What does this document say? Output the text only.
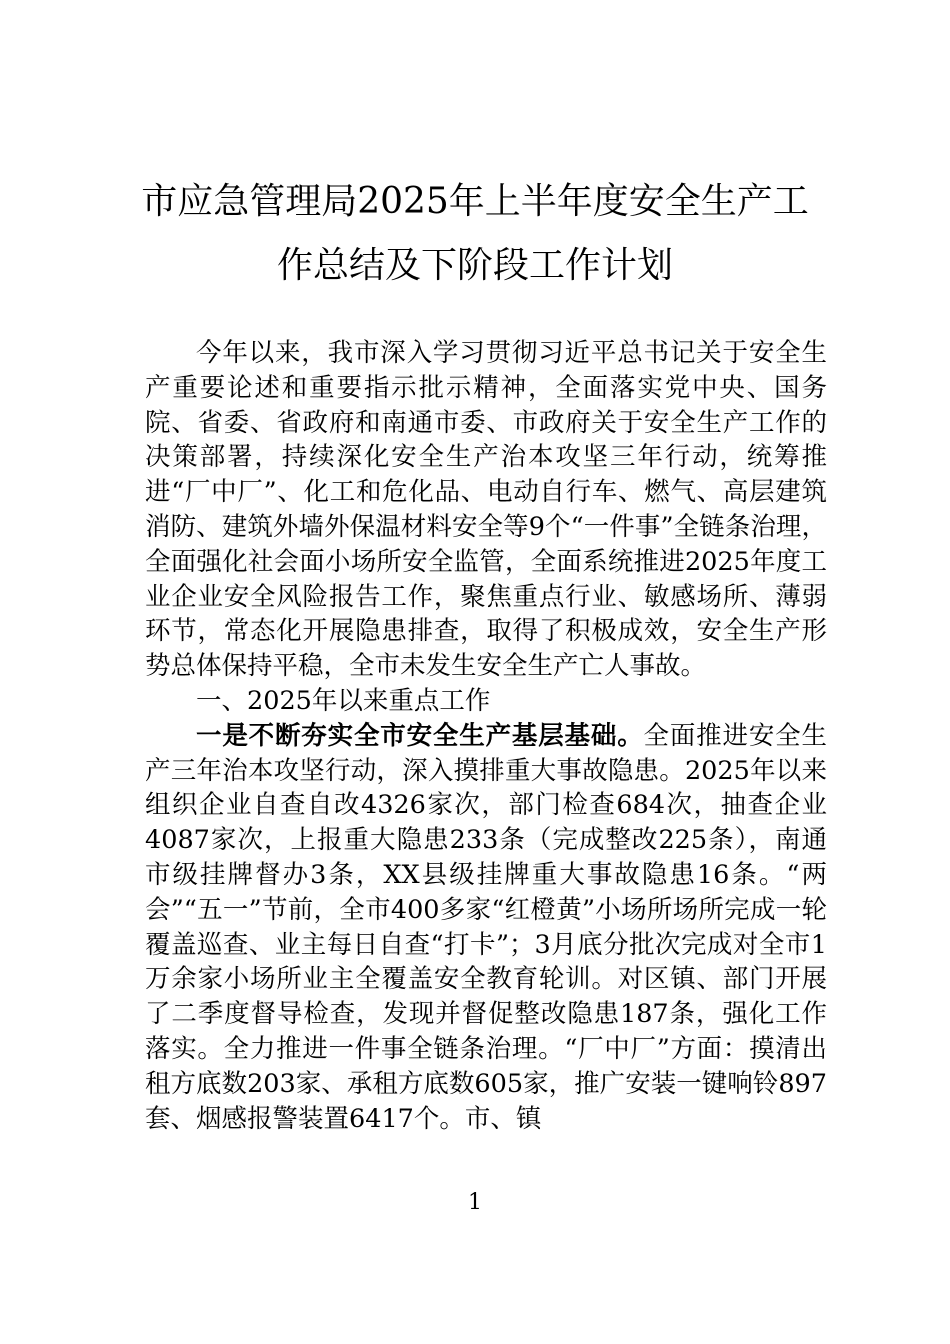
市应急管理局2025年上半年度安全生产工
作总结及下阶段工作计划

今年以来，我市深入学习贯彻习近平总书记关于安全生产重要论述和重要指示批示精神，全面落实党中央、国务院、省委、省政府和南通市委、市政府关于安全生产工作的决策部署，持续深化安全生产治本攻坚三年行动，统筹推进“厂中厂”、化工和危化品、电动自行车、燃气、高层建筑消防、建筑外墙外保温材料安全等9个“一件事”全链条治理，全面强化社会面小场所安全监管，全面系统推进2025年度工业企业安全风险报告工作，聚焦重点行业、敏感场所、薄弱环节，常态化开展隐患排查，取得了积极成效，安全生产形势总体保持平稳，全市未发生安全生产亡人事故。

一、2025年以来重点工作

一是不断夯实全市安全生产基层基础。全面推进安全生产三年治本攻坚行动，深入摸排重大事故隐患。2025年以来组织企业自查自改4326家次，部门检查684次，抽查企业4087家次，上报重大隐患233条（完成整改225条），南通市级挂牌督办3条，XX县级挂牌重大事故隐患16条。“两会”“五一”节前，全市400多家“红橙黄”小场所场所完成一轮覆盖巡查、业主每日自查“打卡”；3月底分批次完成对全市1万余家小场所业主全覆盖安全教育轮训。对区镇、部门开展了二季度督导检查，发现并督促整改隐患187条，强化工作落实。全力推进一件事全链条治理。“厂中厂”方面：摸清出租方底数203家、承租方底数605家，推广安装一键响铃897套、烟感报警装置6417个。市、镇

1
